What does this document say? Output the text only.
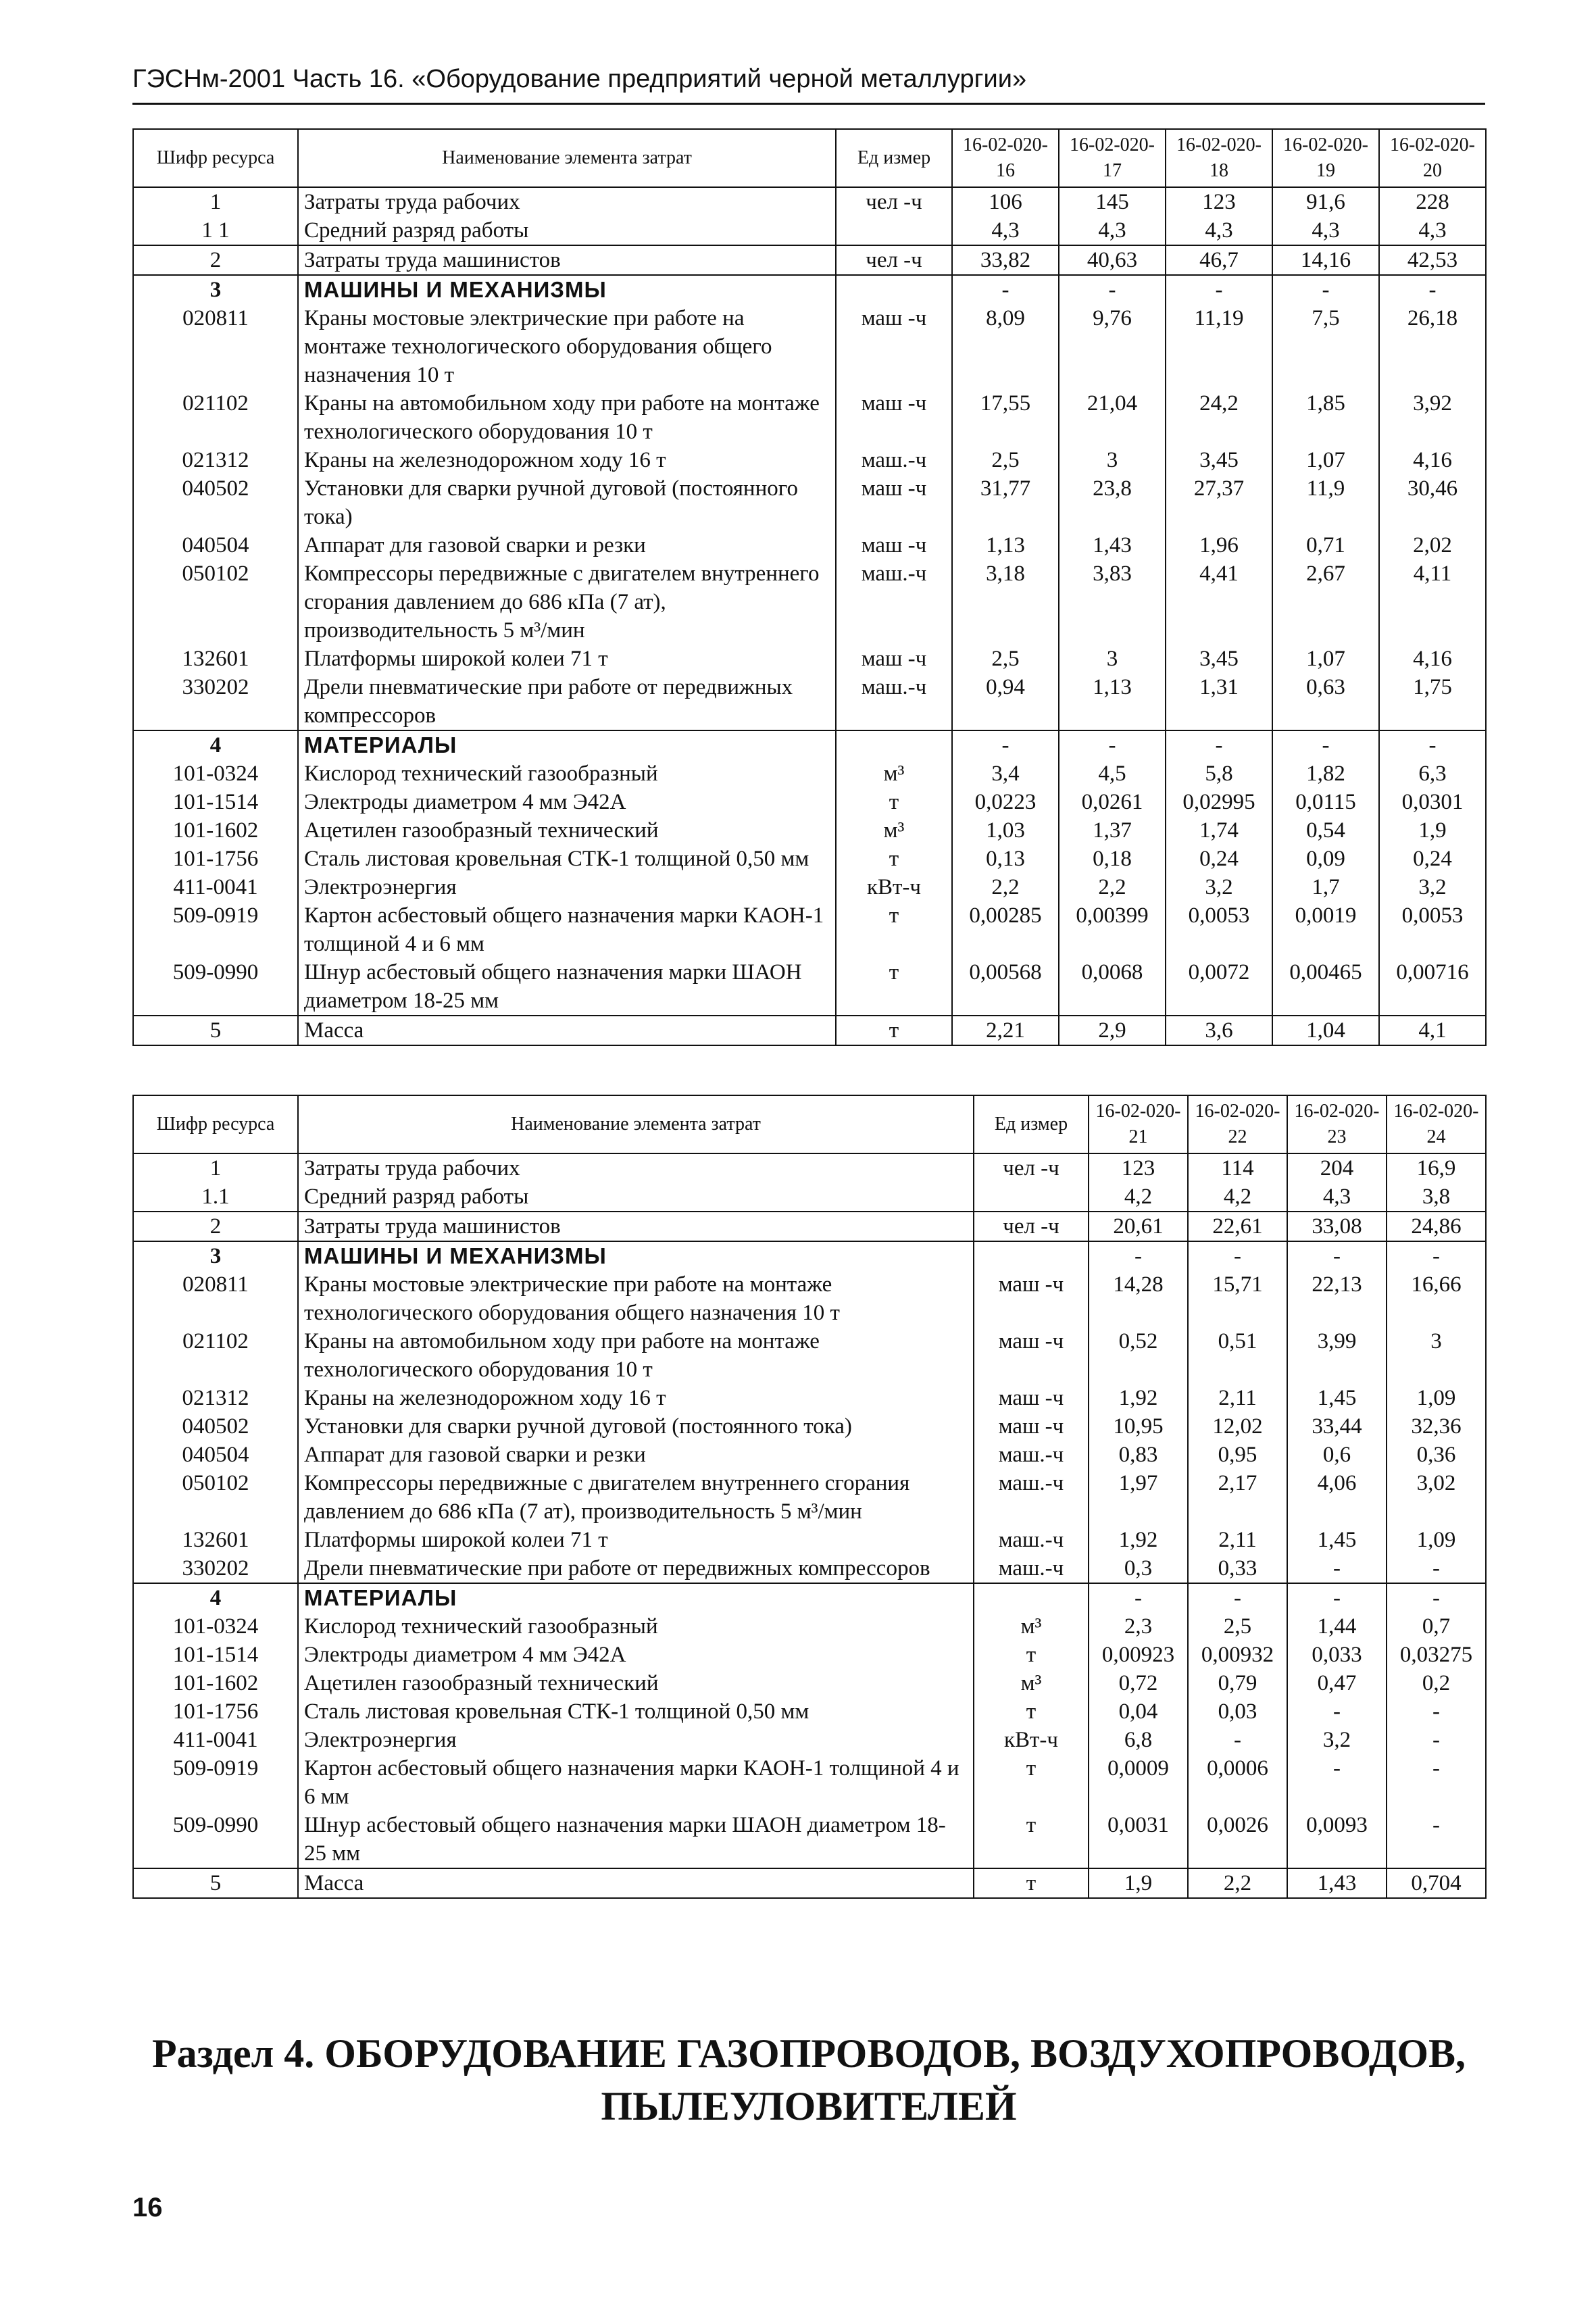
ГЭСНм-2001 Часть 16. «Оборудование предприятий черной металлургии»
Шифр ресурса	Наименование элемента затрат	Ед измер	16-02-020-16	16-02-020-17	16-02-020-18	16-02-020-19	16-02-020-20
1	Затраты труда рабочих	чел -ч	106	145	123	91,6	228
1 1	Средний разряд работы		4,3	4,3	4,3	4,3	4,3
2	Затраты труда машинистов	чел -ч	33,82	40,63	46,7	14,16	42,53
3	МАШИНЫ И МЕХАНИЗМЫ		-	-	-	-	-
020811	Краны мостовые электрические при работе на монтаже технологического оборудования общего назначения 10 т	маш -ч	8,09	9,76	11,19	7,5	26,18
021102	Краны на автомобильном ходу при работе на монтаже технологического оборудования 10 т	маш -ч	17,55	21,04	24,2	1,85	3,92
021312	Краны на железнодорожном ходу 16 т	маш.-ч	2,5	3	3,45	1,07	4,16
040502	Установки для сварки ручной дуговой (постоянного тока)	маш -ч	31,77	23,8	27,37	11,9	30,46
040504	Аппарат для газовой сварки и резки	маш -ч	1,13	1,43	1,96	0,71	2,02
050102	Компрессоры передвижные с двигателем внутреннего сгорания давлением до 686 кПа (7 ат), производительность 5 м³/мин	маш.-ч	3,18	3,83	4,41	2,67	4,11
132601	Платформы широкой колеи 71 т	маш -ч	2,5	3	3,45	1,07	4,16
330202	Дрели пневматические при работе от передвижных компрессоров	маш.-ч	0,94	1,13	1,31	0,63	1,75
4	МАТЕРИАЛЫ		-	-	-	-	-
101-0324	Кислород технический газообразный	м³	3,4	4,5	5,8	1,82	6,3
101-1514	Электроды диаметром 4 мм Э42А	т	0,0223	0,0261	0,02995	0,0115	0,0301
101-1602	Ацетилен газообразный технический	м³	1,03	1,37	1,74	0,54	1,9
101-1756	Сталь листовая кровельная СТК-1 толщиной 0,50 мм	т	0,13	0,18	0,24	0,09	0,24
411-0041	Электроэнергия	кВт-ч	2,2	2,2	3,2	1,7	3,2
509-0919	Картон асбестовый общего назначения марки КАОН-1 толщиной 4 и 6 мм	т	0,00285	0,00399	0,0053	0,0019	0,0053
509-0990	Шнур асбестовый общего назначения марки ШАОН диаметром 18-25 мм	т	0,00568	0,0068	0,0072	0,00465	0,00716
5	Масса	т	2,21	2,9	3,6	1,04	4,1
Шифр ресурса	Наименование элемента затрат	Ед измер	16-02-020-21	16-02-020-22	16-02-020-23	16-02-020-24
1	Затраты труда рабочих	чел -ч	123	114	204	16,9
1.1	Средний разряд работы		4,2	4,2	4,3	3,8
2	Затраты труда машинистов	чел -ч	20,61	22,61	33,08	24,86
3	МАШИНЫ И МЕХАНИЗМЫ		-	-	-	-
020811	Краны мостовые электрические при работе на монтаже технологического оборудования общего назначения 10 т	маш -ч	14,28	15,71	22,13	16,66
021102	Краны на автомобильном ходу при работе на монтаже технологического оборудования 10 т	маш -ч	0,52	0,51	3,99	3
021312	Краны на железнодорожном ходу 16 т	маш -ч	1,92	2,11	1,45	1,09
040502	Установки для сварки ручной дуговой (постоянного тока)	маш -ч	10,95	12,02	33,44	32,36
040504	Аппарат для газовой сварки и резки	маш.-ч	0,83	0,95	0,6	0,36
050102	Компрессоры передвижные с двигателем внутреннего сгорания давлением до 686 кПа (7 ат), производительность 5 м³/мин	маш.-ч	1,97	2,17	4,06	3,02
132601	Платформы широкой колеи 71 т	маш.-ч	1,92	2,11	1,45	1,09
330202	Дрели пневматические при работе от передвижных компрессоров	маш.-ч	0,3	0,33	-	-
4	МАТЕРИАЛЫ		-	-	-	-
101-0324	Кислород технический газообразный	м³	2,3	2,5	1,44	0,7
101-1514	Электроды диаметром 4 мм Э42А	т	0,00923	0,00932	0,033	0,03275
101-1602	Ацетилен газообразный технический	м³	0,72	0,79	0,47	0,2
101-1756	Сталь листовая кровельная СТК-1 толщиной 0,50 мм	т	0,04	0,03	-	-
411-0041	Электроэнергия	кВт-ч	6,8	-	3,2	-
509-0919	Картон асбестовый общего назначения марки КАОН-1 толщиной 4 и 6 мм	т	0,0009	0,0006	-	-
509-0990	Шнур асбестовый общего назначения марки ШАОН диаметром 18-25 мм	т	0,0031	0,0026	0,0093	-
5	Масса	т	1,9	2,2	1,43	0,704
Раздел 4. ОБОРУДОВАНИЕ ГАЗОПРОВОДОВ, ВОЗДУХОПРОВОДОВ, ПЫЛЕУЛОВИТЕЛЕЙ
16
